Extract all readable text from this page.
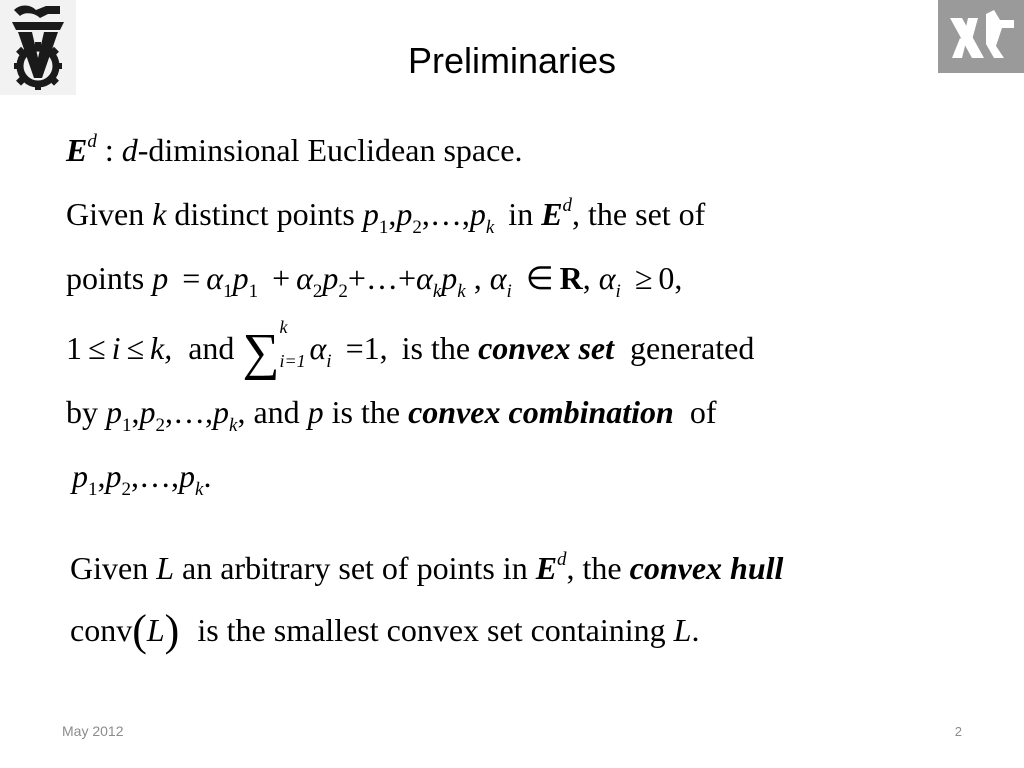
Preliminaries
$E^d$ : d-diminsional Euclidean space.
Given k distinct points $p_1,p_2,\dots,p_k$ in $E^d$, the set of
points $p = \alpha_1p_1$ + $\alpha_2p_2+\dots+\alpha_kp_k$ , $\alpha_i$ ∈ R, $\alpha_i \ge 0$,
1 ≤ i ≤ k, and ∑ k
i=1 $\alpha_i =1$, is the convex set generated
by $p_1,p_2,\dots,p_k$, and p is the convex combination of
$p_1,p_2,\dots,p_k$.
Given L an arbitrary set of points in $E^d$, the convex hull
conv(L) is the smallest convex set containing L.
May 2012	2
